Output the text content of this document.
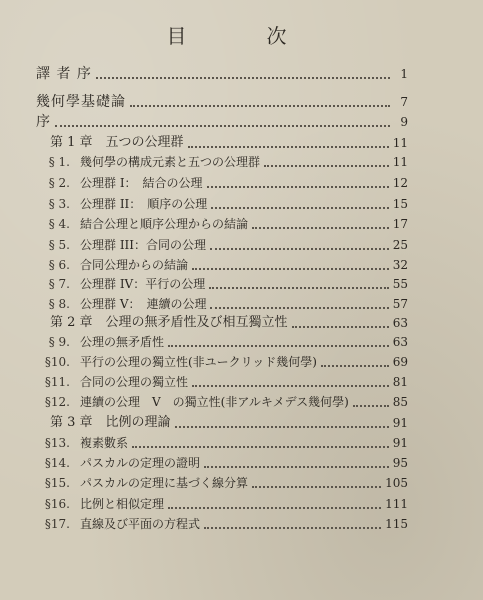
目　次
譯 者 序	1
幾何學基礎論	7
序	9
第 1 章　五つの公理群	11
§ 1. 幾何學の構成元素と五つの公理群	11
§ 2. 公理群 I：　結合の公理	12
§ 3. 公理群 II：　順序の公理	15
§ 4. 結合公理と順序公理からの結論	17
§ 5. 公理群 III：合同の公理	25
§ 6. 合同公理からの結論	32
§ 7. 公理群 IV：平行の公理	55
§ 8. 公理群 V：　連續の公理	57
第 2 章　公理の無矛盾性及び相互獨立性	63
§ 9. 公理の無矛盾性	63
§10. 平行の公理の獨立性(非ユークリッド幾何學)	69
§11. 合同の公理の獨立性	81
§12. 連續の公理　V　の獨立性(非アルキメデス幾何學)	85
第 3 章　比例の理論	91
§13. 複素數系	91
§14. パスカルの定理の證明	95
§15. パスカルの定理に基づく線分算	105
§16. 比例と相似定理	111
§17. 直線及び平面の方程式	115
